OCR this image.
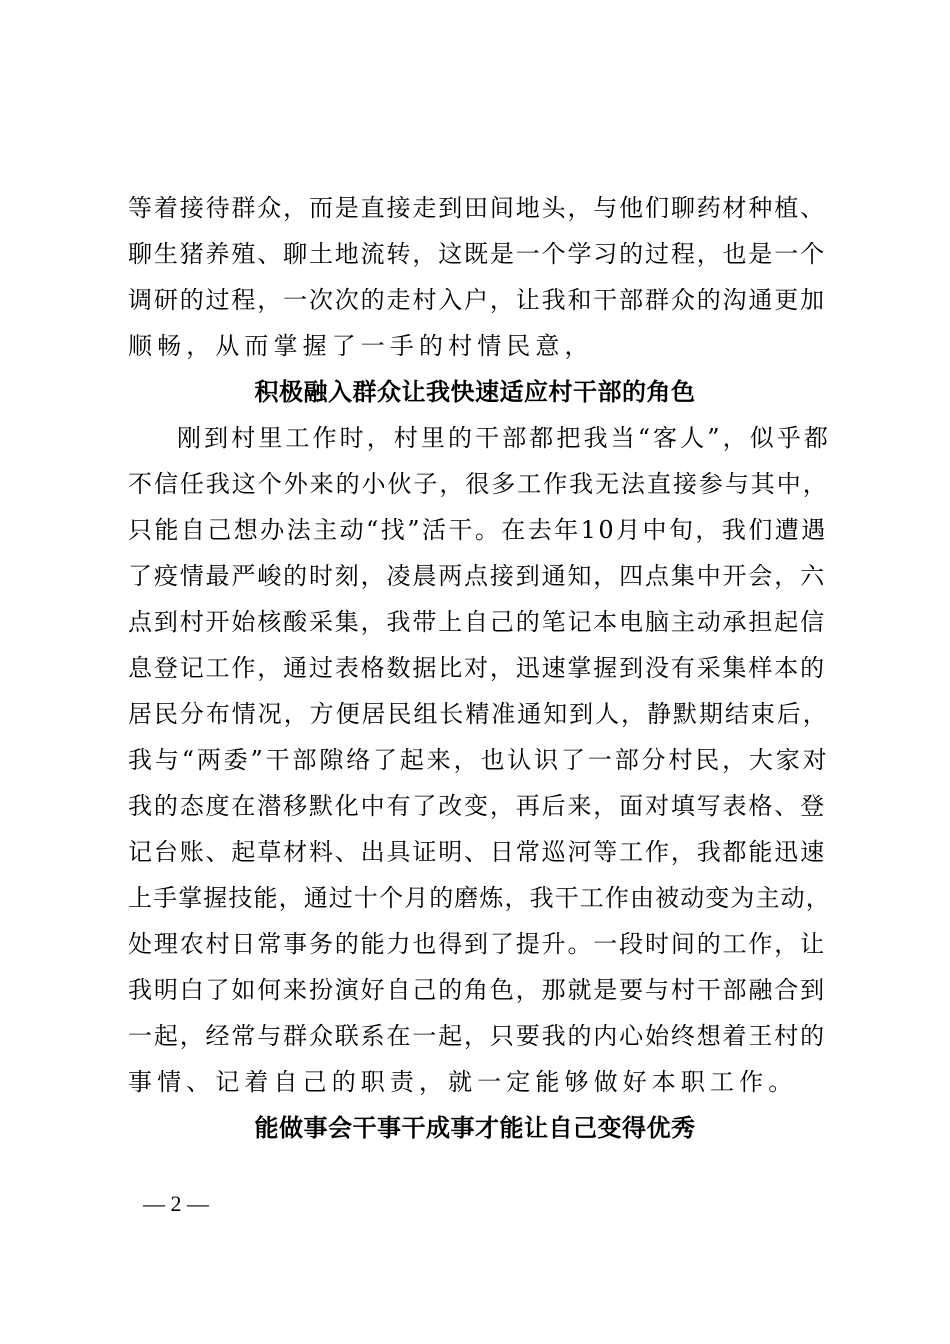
等着接待群众，而是直接走到田间地头，与他们聊药材种植、
聊生猪养殖、聊土地流转，这既是一个学习的过程，也是一个
调研的过程，一次次的走村入户，让我和干部群众的沟通更加
顺畅，从而掌握了一手的村情民意，
积极融入群众让我快速适应村干部的角色
刚到村里工作时，村里的干部都把我当“客人”，似乎都
不信任我这个外来的小伙子，很多工作我无法直接参与其中，
只能自己想办法主动“找”活干。在去年10月中旬，我们遭遇
了疫情最严峻的时刻，凌晨两点接到通知，四点集中开会，六
点到村开始核酸采集，我带上自己的笔记本电脑主动承担起信
息登记工作，通过表格数据比对，迅速掌握到没有采集样本的
居民分布情况，方便居民组长精准通知到人，静默期结束后，
我与“两委”干部隙络了起来，也认识了一部分村民，大家对
我的态度在潜移默化中有了改变，再后来，面对填写表格、登
记台账、起草材料、出具证明、日常巡河等工作，我都能迅速
上手掌握技能，通过十个月的磨炼，我干工作由被动变为主动，
处理农村日常事务的能力也得到了提升。一段时间的工作，让
我明白了如何来扮演好自己的角色，那就是要与村干部融合到
一起，经常与群众联系在一起，只要我的内心始终想着王村的
事情、记着自己的职责，就一定能够做好本职工作。
能做事会干事干成事才能让自己变得优秀
— 2 —
